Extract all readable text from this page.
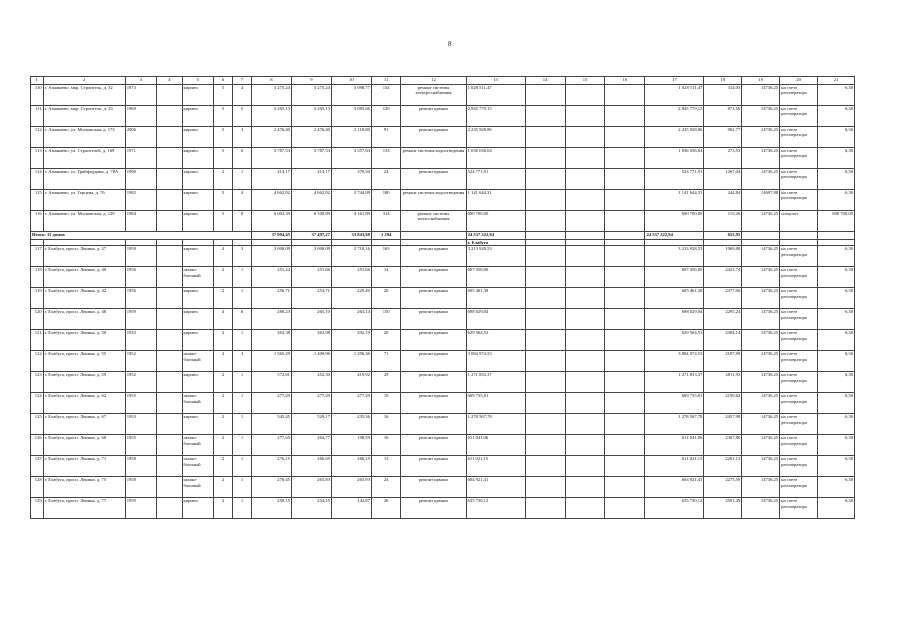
8
1	2	3	4	5	6	7	8	9	10	11	12	13	14	15	16	17	18	19	20	21
110	г. Азнакаево, мкр. Строитель, д. 32	1973		кирпич	5	4	3 275,24	3 275,24	3 098,77	154	ремонт системы электроснабжения	1 028 511,47				1 028 511,47	314,03	14736,25	на счете регоператора	6,30
111	г. Азнакаево, мкр. Строитель, д. 33	1969		кирпич	5	5	3 265,13	3 265,13	3 085,66	120	ремонт крыши	2 845 779,15				2 845 779,15	871,56	14736,25	на счете регоператора	6,30
112	г. Азнакаево, ул. Московская, д. 173	2006		кирпич	5	3	2 476,40	2 476,40	2 118,80	91	ремонт крыши	2 235 928,86				2 235 928,86	902,77	14736,25	на счете регоператора	6,30
113	г. Азнакаево, ул. Строителей, д. 169	1971		кирпич	5	6	3 787,53	3 787,53	3 357,63	133	ремонт системы водоотведения	1 036 036,04				1 036 036,04	273,53	14736,25	на счете регоператора	6,30
114	г. Азнакаево, ул. Грайфоддина, д. 78А	1990		кирпич	2	1	414,17	414,17	370,50	24	ремонт крыши	524 771,91				524 771,91	1267,04	14736,25	на счете регоператора	6,30
115	г. Азнакаево, ул. Герцена, д. 76	1982		кирпич	5	4	4 662,82	4 662,82	3 744,09	180	ремонт системы водоотведения	1 141 644,31				1 141 644,31	244,84	14697,88	на счете регоператора	6,30
116	г. Азнакаево, ул. Московская, д. 129	1984		кирпич	5	8	6 002,39	6 100,89	4 161,89	314	ремонт системы теплоснабжения	690 700,00				690 700,00	115,26	14736,25	спецсчет	690 700,00
Итого: 11 домов							37 994,45	37 497,27	33 843,68	1 294		24 537 222,94				24 537 222,94	655,95			
												г. Елабуга								
117	г. Елабуга, просп. Ленина, д. 27	1959		кирпич	4	3	3 008,09	3 008,09	2 718,16	165	ремонт крыши	3 213 928,53				3 213 928,53	1069,88	14736,25	на счете регоператора	6,30
118	г. Елабуга, просп. Ленина, д. 40	1956		шлако-блочный	2	1	251,24	251,66	251,66	14	ремонт крыши	607 356,00				607 356,00	2421,74	14736,25	на счете регоператора	6,30
119	г. Елабуга, просп. Ленина, д. 42	1956		кирпич	2	1	256,71	254,71	229,40	26	ремонт крыши	605 461,38				605 461,38	2377,06	14736,25	на счете регоператора	6,30
120	г. Елабуга, просп. Ленина, д. 48	1959		кирпич	4	6	280,23	265,10	263,14	150	ремонт крыши	698 029,04				698 029,04	2295,24	14736,25	на счете регоператора	6,30
121	г. Елабуга, просп. Ленина, д. 50	1933		кирпич	2	1	263,38	263,98	292,19	20	ремонт крыши	629 564,53				629 564,53	2384,14	14736,25	на счете регоператора	6,30
122	г. Елабуга, просп. Ленина, д. 55	1952		шлако-блочный	2	3	1 565,29	1 409,96	1 296,36	71	ремонт крыши	3 084 974,53				3 084 974,53	2187,99	14736,25	на счете регоператора	6,30
123	г. Елабуга, просп. Ленина, д. 59	1952		кирпич	2	1	572,81	452,30	419,92	29	ремонт крыши	1 271 833,37				1 271 833,37	2811,93	14736,25	на счете регоператора	6,30
124	г. Елабуга, просп. Ленина, д. 62	1955		шлако-блочный	2	1	277,29	277,29	277,29	19	ремонт крыши	609 735,81				609 735,81	2199,62	14736,25	на счете регоператора	6,30
125	г. Елабуга, просп. Ленина, д. 67	1953		кирпич	2	1	545,45	529,17	235,36	16	ремонт крыши	1 278 567,78				1 278 567,78	2457,98	14736,25	на счете регоператора	6,30
126	г. Елабуга, просп. Ленина, д. 68	1955		шлако-блочный	2	1	277,65	264,77	198,59	16	ремонт крыши	611 041,06				611 041,06	2307,80	14736,25	на счете регоператора	6,30
127	г. Елабуга, просп. Ленина, д. 71	1958		шлако-блочный	2	1	276,15	266,69	266,19	13	ремонт крыши	611 021,15				611 021,15	2291,13	14736,25	на счете регоператора	6,30
128	г. Елабуга, просп. Ленина, д. 75	1958		шлако-блочный	2	1	276,45	265,83	265,93	24	ремонт крыши	604 921,41				604 921,41	2275,59	14736,25	на счете регоператора	6,30
129	г. Елабуга, просп. Ленина, д. 77	1959		кирпич	2	1	258,15	254,15	142,87	26	ремонт крыши	635 730,12				635 730,12	2501,49	14736,25	на счете регоператора	6,30
